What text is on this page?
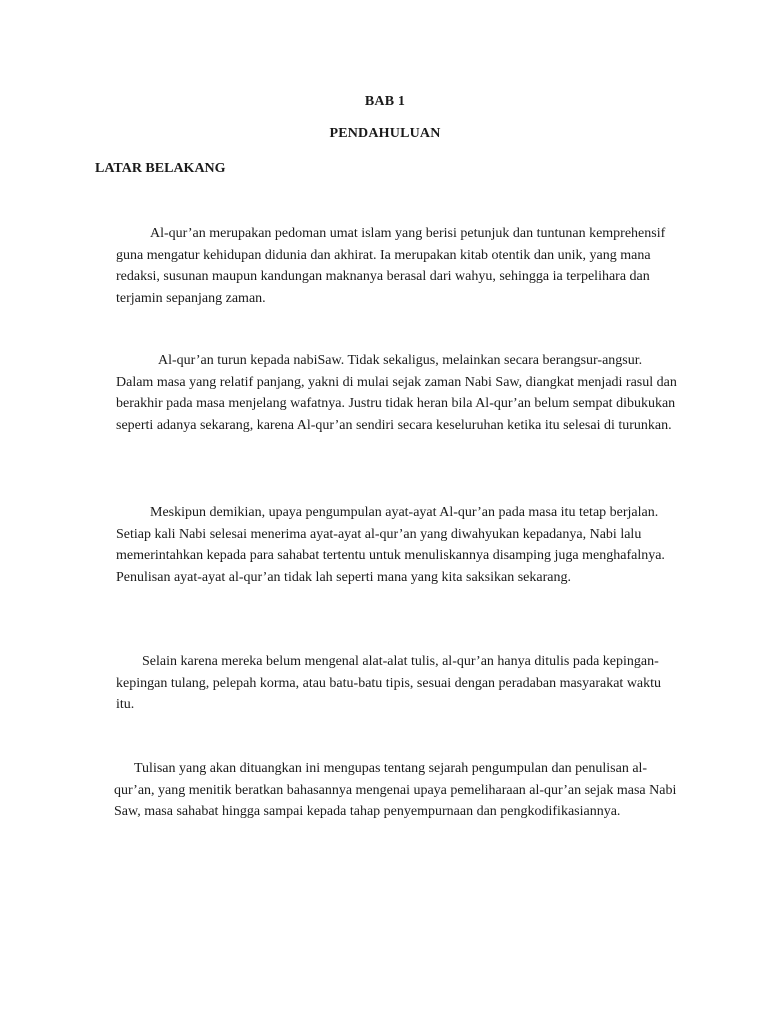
BAB 1
PENDAHULUAN
LATAR BELAKANG

Al-qur’an merupakan pedoman umat islam yang berisi petunjuk dan tuntunan kemprehensif guna mengatur kehidupan didunia dan akhirat. Ia merupakan kitab otentik dan unik, yang mana redaksi, susunan maupun kandungan maknanya berasal dari wahyu, sehingga ia terpelihara dan terjamin sepanjang zaman.

Al-qur’an turun kepada nabiSaw. Tidak sekaligus, melainkan secara berangsur-angsur. Dalam masa yang relatif panjang, yakni di mulai sejak zaman Nabi Saw, diangkat menjadi rasul dan berakhir pada masa menjelang wafatnya. Justru tidak heran bila Al-qur’an belum sempat dibukukan seperti adanya sekarang, karena Al-qur’an sendiri secara keseluruhan ketika itu selesai di turunkan.

Meskipun demikian, upaya pengumpulan ayat-ayat Al-qur’an pada masa itu tetap berjalan. Setiap kali Nabi selesai menerima ayat-ayat al-qur’an yang diwahyukan kepadanya, Nabi lalu memerintahkan kepada para sahabat tertentu untuk menuliskannya disamping juga menghafalnya. Penulisan ayat-ayat al-qur’an tidak lah seperti mana yang kita saksikan sekarang.

Selain karena mereka belum mengenal alat-alat tulis, al-qur’an hanya ditulis pada kepingan-kepingan tulang, pelepah korma, atau batu-batu tipis, sesuai dengan peradaban masyarakat waktu itu.

Tulisan yang akan dituangkan ini mengupas tentang sejarah pengumpulan dan penulisan al-qur’an, yang menitik beratkan bahasannya mengenai upaya pemeliharaan al-qur’an sejak masa Nabi Saw, masa sahabat hingga sampai kepada tahap penyempurnaan dan pengkodifikasiannya.
